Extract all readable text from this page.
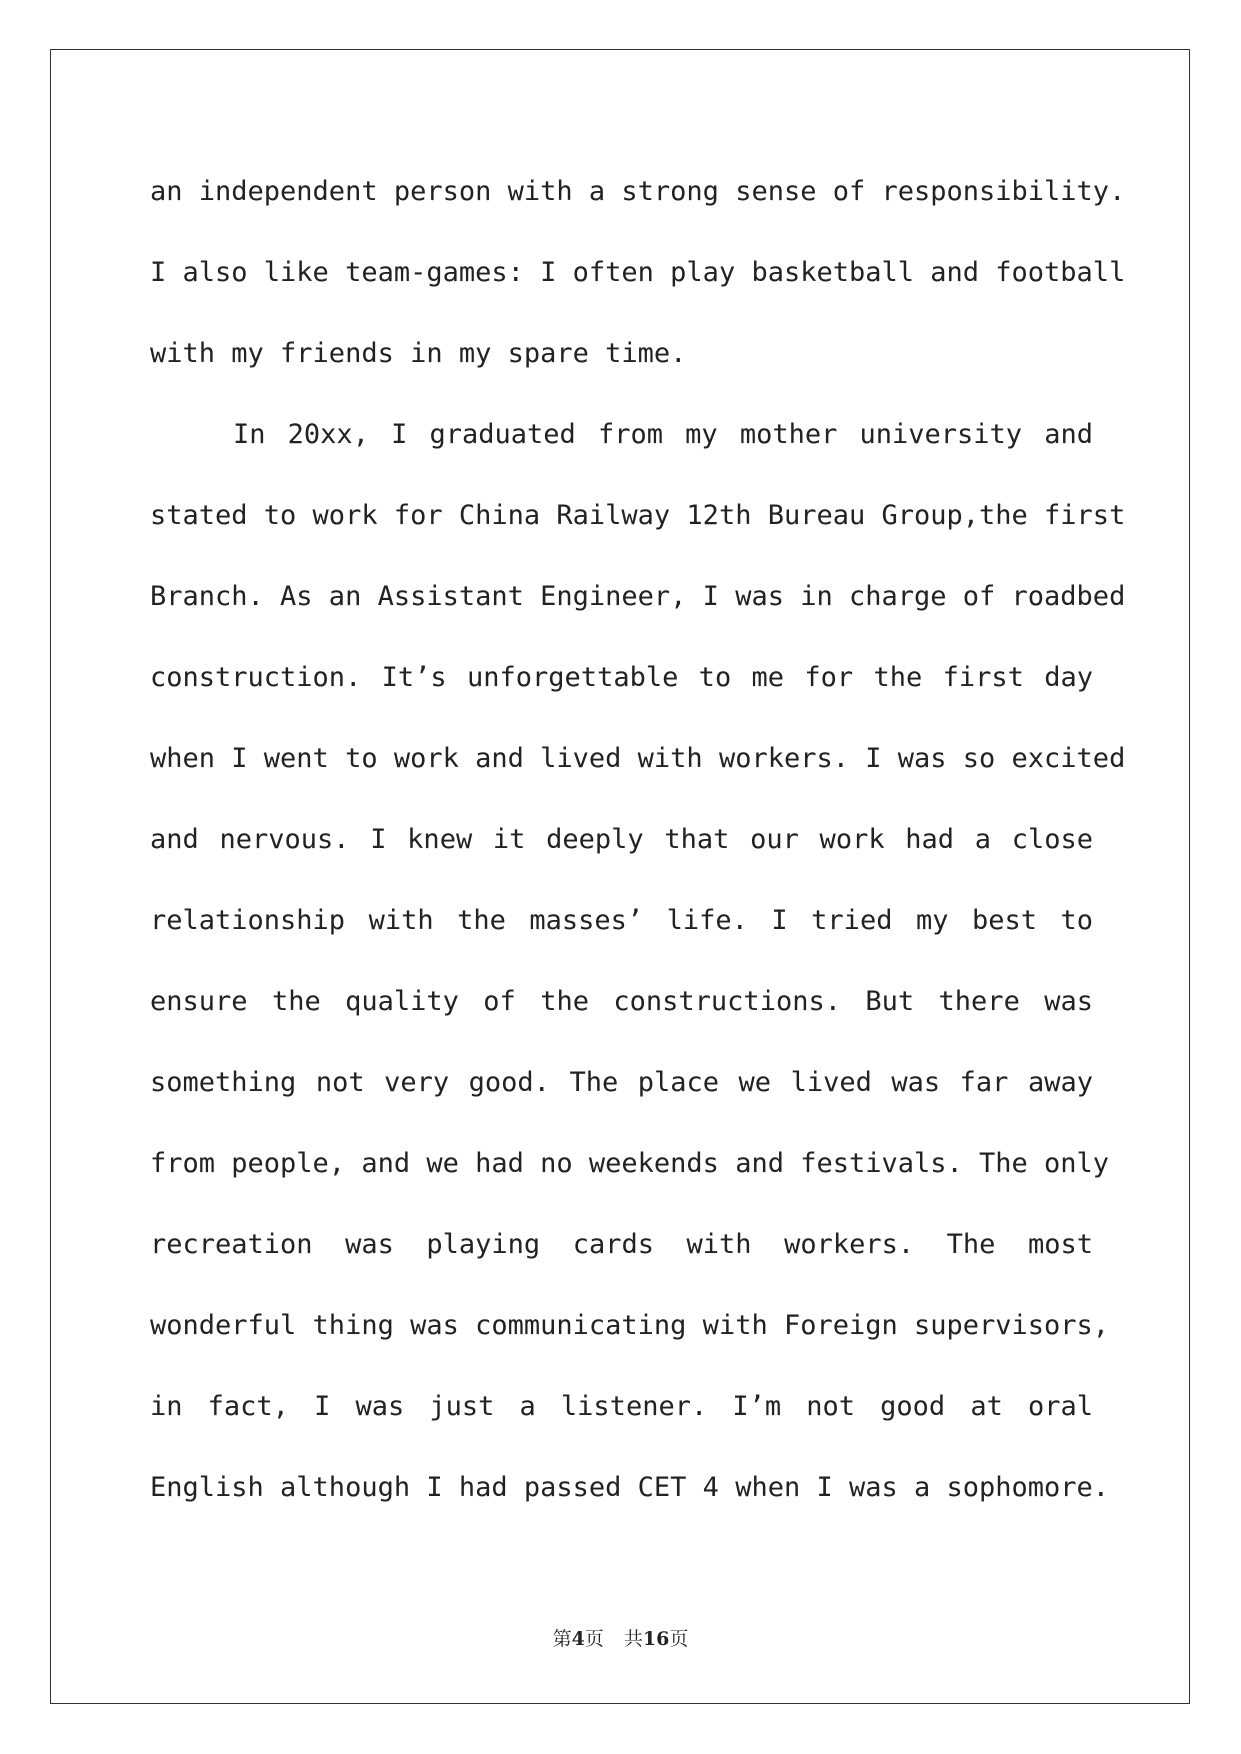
an independent person with a strong sense of responsibility.
I also like team-games: I often play basketball and football
with my friends in my spare time.
In 20xx, I graduated from my mother university and
stated to work for China Railway 12th Bureau Group,the first
Branch. As an Assistant Engineer, I was in charge of roadbed
construction. It’s unforgettable to me for the first day
when I went to work and lived with workers. I was so excited
and nervous. I knew it deeply that our work had a close
relationship with the masses’ life. I tried my best to
ensure the quality of the constructions. But there was
something not very good. The place we lived was far away
from people, and we had no weekends and festivals. The only
recreation was playing cards with workers. The most
wonderful thing was communicating with Foreign supervisors,
in fact, I was just a listener. I’m not good at oral
English although I had passed CET 4 when I was a sophomore.
第4页 共16页
